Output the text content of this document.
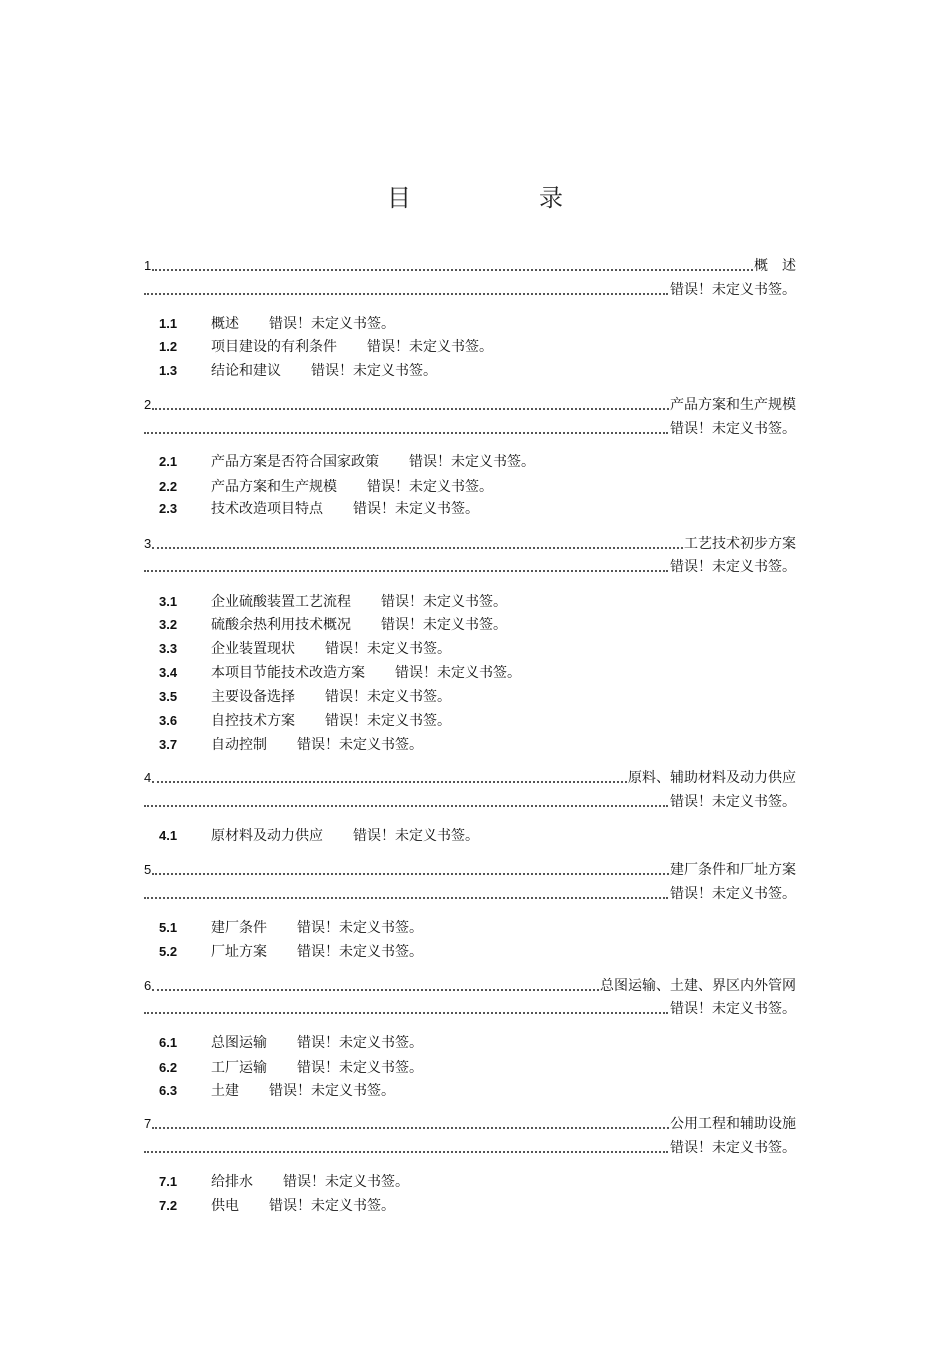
目　录
1	概　述
错误！未定义书签。
1.1 概述 错误！未定义书签。
1.2 项目建设的有利条件 错误！未定义书签。
1.3 结论和建议 错误！未定义书签。
2	产品方案和生产规模
错误！未定义书签。
2.1 产品方案是否符合国家政策 错误！未定义书签。
2.2 产品方案和生产规模 错误！未定义书签。
2.3 技术改造项目特点 错误！未定义书签。
3	工艺技术初步方案
错误！未定义书签。
3.1 企业硫酸装置工艺流程 错误！未定义书签。
3.2 硫酸余热利用技术概况 错误！未定义书签。
3.3 企业装置现状 错误！未定义书签。
3.4 本项目节能技术改造方案 错误！未定义书签。
3.5 主要设备选择 错误！未定义书签。
3.6 自控技术方案 错误！未定义书签。
3.7 自动控制 错误！未定义书签。
4	原料、辅助材料及动力供应
错误！未定义书签。
4.1 原材料及动力供应 错误！未定义书签。
5	建厂条件和厂址方案
错误！未定义书签。
5.1 建厂条件 错误！未定义书签。
5.2 厂址方案 错误！未定义书签。
6	总图运输、土建、界区内外管网
错误！未定义书签。
6.1 总图运输 错误！未定义书签。
6.2 工厂运输 错误！未定义书签。
6.3 土建 错误！未定义书签。
7	公用工程和辅助设施
错误！未定义书签。
7.1 给排水 错误！未定义书签。
7.2 供电 错误！未定义书签。
